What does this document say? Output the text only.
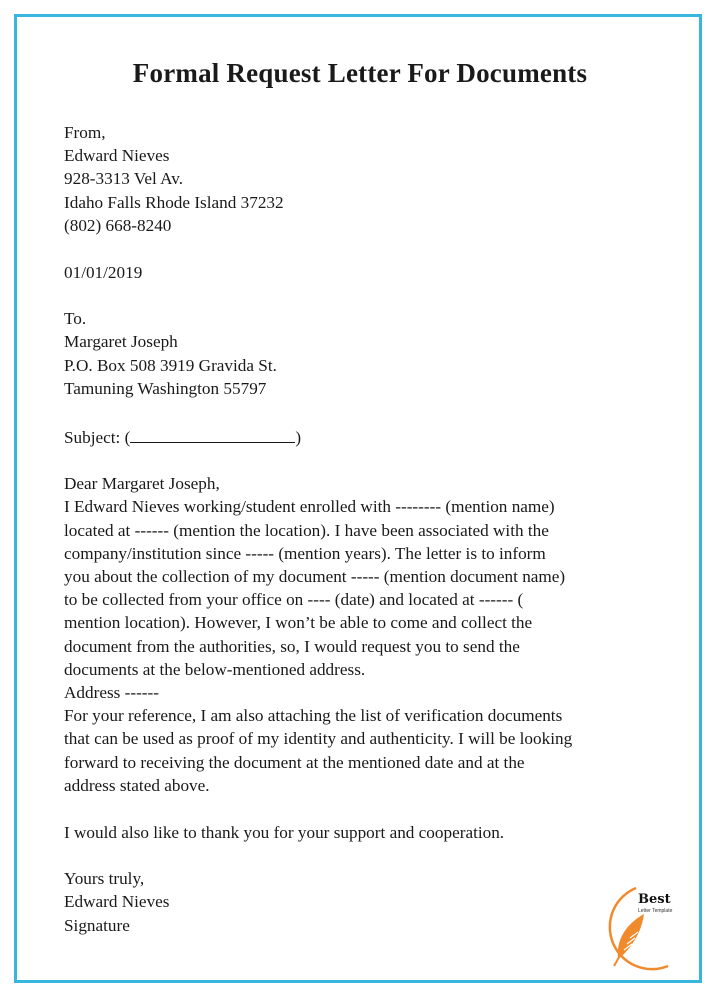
Formal Request Letter For Documents
From,
Edward Nieves
928-3313 Vel Av.
Idaho Falls Rhode Island 37232
(802) 668-8240
01/01/2019
To.
Margaret Joseph
P.O. Box 508 3919 Gravida St.
Tamuning Washington 55797
Subject: (	)
Dear Margaret Joseph,
I Edward Nieves working/student enrolled with -------- (mention name)
located at ------ (mention the location). I have been associated with the
company/institution since ----- (mention years). The letter is to inform
you about the collection of my document ----- (mention document name)
to be collected from your office on ---- (date) and located at ------ (
mention location). However, I won’t be able to come and collect the
document from the authorities, so, I would request you to send the
documents at the below-mentioned address.
Address ------
For your reference, I am also attaching the list of verification documents
that can be used as proof of my identity and authenticity. I will be looking
forward to receiving the document at the mentioned date and at the
address stated above.
I would also like to thank you for your support and cooperation.
Yours truly,
Edward Nieves
Signature
Best
Letter Template
